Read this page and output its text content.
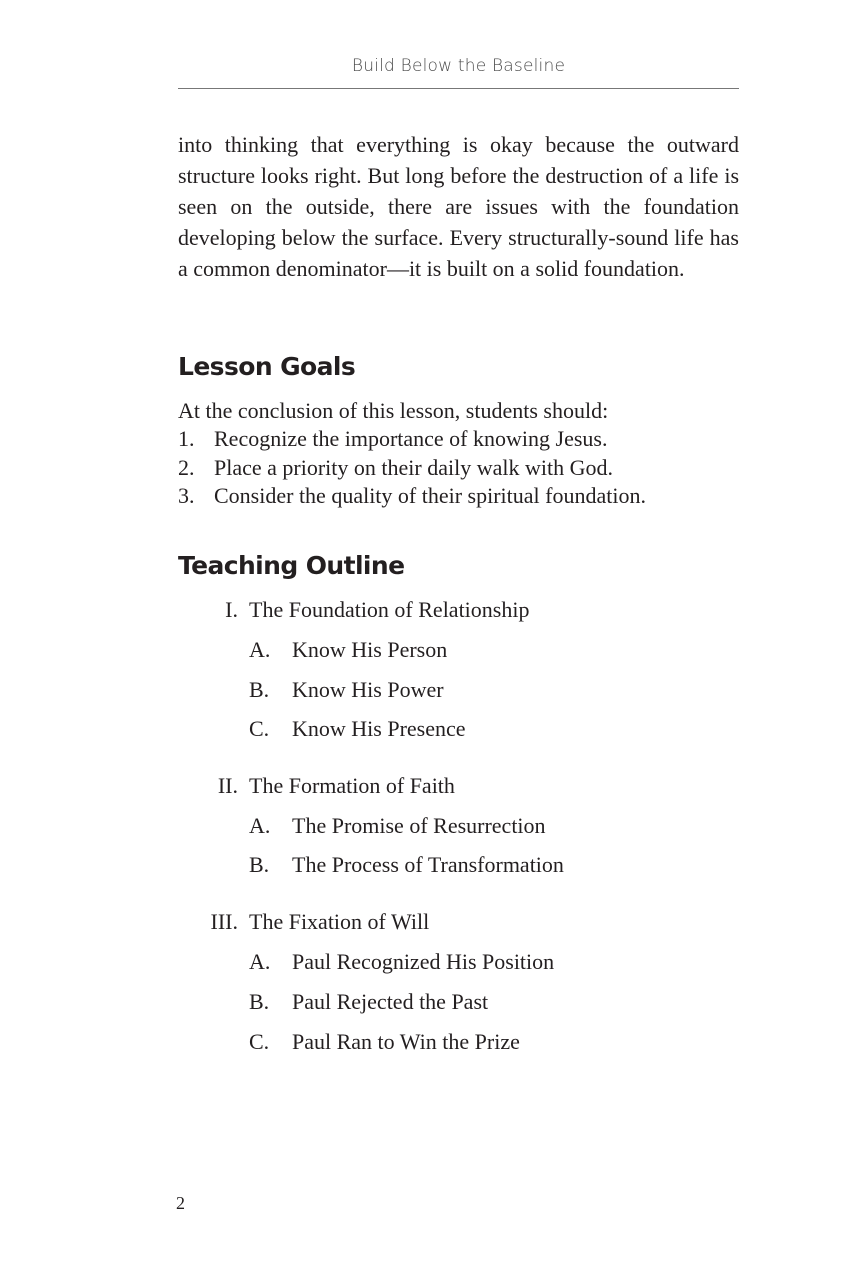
Build Below the Baseline

into thinking that everything is okay because the outward structure looks right. But long before the destruction of a life is seen on the outside, there are issues with the foundation developing below the surface. Every structurally-sound life has a common denominator—it is built on a solid foundation.

Lesson Goals

At the conclusion of this lesson, students should:

1. Recognize the importance of knowing Jesus.
2. Place a priority on their daily walk with God.
3. Consider the quality of their spiritual foundation.
Teaching Outline
I. The Foundation of Relationship
A. Know His Person
B. Know His Power
C. Know His Presence
II. The Formation of Faith
A. The Promise of Resurrection
B. The Process of Transformation
III. The Fixation of Will
A. Paul Recognized His Position
B. Paul Rejected the Past
C. Paul Ran to Win the Prize
2
